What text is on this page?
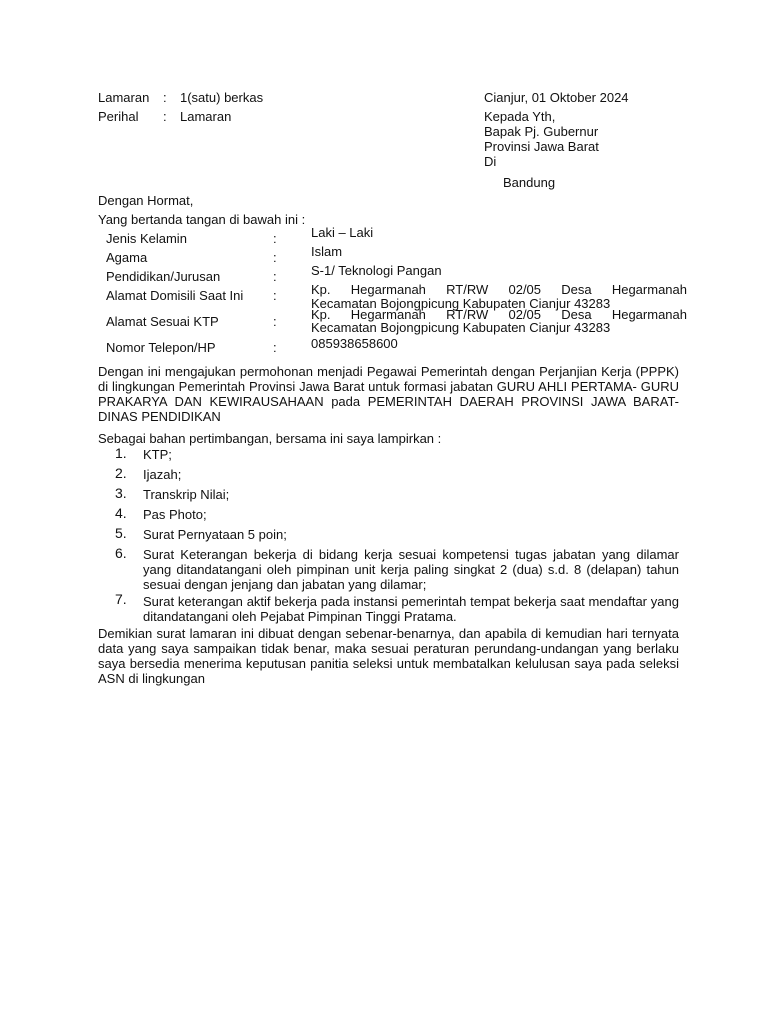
Lamaran : 1(satu) berkas
Perihal : Lamaran
Cianjur, 01 Oktober 2024
Kepada Yth,
Bapak Pj. Gubernur
Provinsi Jawa Barat
Di
Bandung
Dengan Hormat,
Yang bertanda tangan di bawah ini :
Jenis Kelamin	:	Laki – Laki
Agama	:	Islam
Pendidikan/Jurusan	:	S-1/ Teknologi Pangan
Alamat Domisili Saat Ini :	Kp. Hegarmanah RT/RW 02/05 Desa Hegarmanah
Kecamatan Bojongpicung Kabupaten Cianjur 43283
Alamat Sesuai KTP	:	Kp. Hegarmanah RT/RW 02/05 Desa Hegarmanah
Kecamatan Bojongpicung Kabupaten Cianjur 43283
Nomor Telepon/HP	:	085938658600
Dengan ini mengajukan permohonan menjadi Pegawai Pemerintah dengan Perjanjian Kerja (PPPK) di lingkungan Pemerintah Provinsi Jawa Barat untuk formasi jabatan GURU AHLI PERTAMA- GURU PRAKARYA DAN KEWIRAUSAHAAN pada PEMERINTAH DAERAH PROVINSI JAWA BARAT-DINAS PENDIDIKAN
Sebagai bahan pertimbangan, bersama ini saya lampirkan :
1. KTP;
2. Ijazah;
3. Transkrip Nilai;
4. Pas Photo;
5. Surat Pernyataan 5 poin;
6. Surat Keterangan bekerja di bidang kerja sesuai kompetensi tugas jabatan yang dilamar yang ditandatangani oleh pimpinan unit kerja paling singkat 2 (dua) s.d. 8 (delapan) tahun sesuai dengan jenjang dan jabatan yang dilamar;
7. Surat keterangan aktif bekerja pada instansi pemerintah tempat bekerja saat mendaftar yang ditandatangani oleh Pejabat Pimpinan Tinggi Pratama.
Demikian surat lamaran ini dibuat dengan sebenar-benarnya, dan apabila di kemudian hari ternyata data yang saya sampaikan tidak benar, maka sesuai peraturan perundang-undangan yang berlaku saya bersedia menerima keputusan panitia seleksi untuk membatalkan kelulusan saya pada seleksi ASN di lingkungan
